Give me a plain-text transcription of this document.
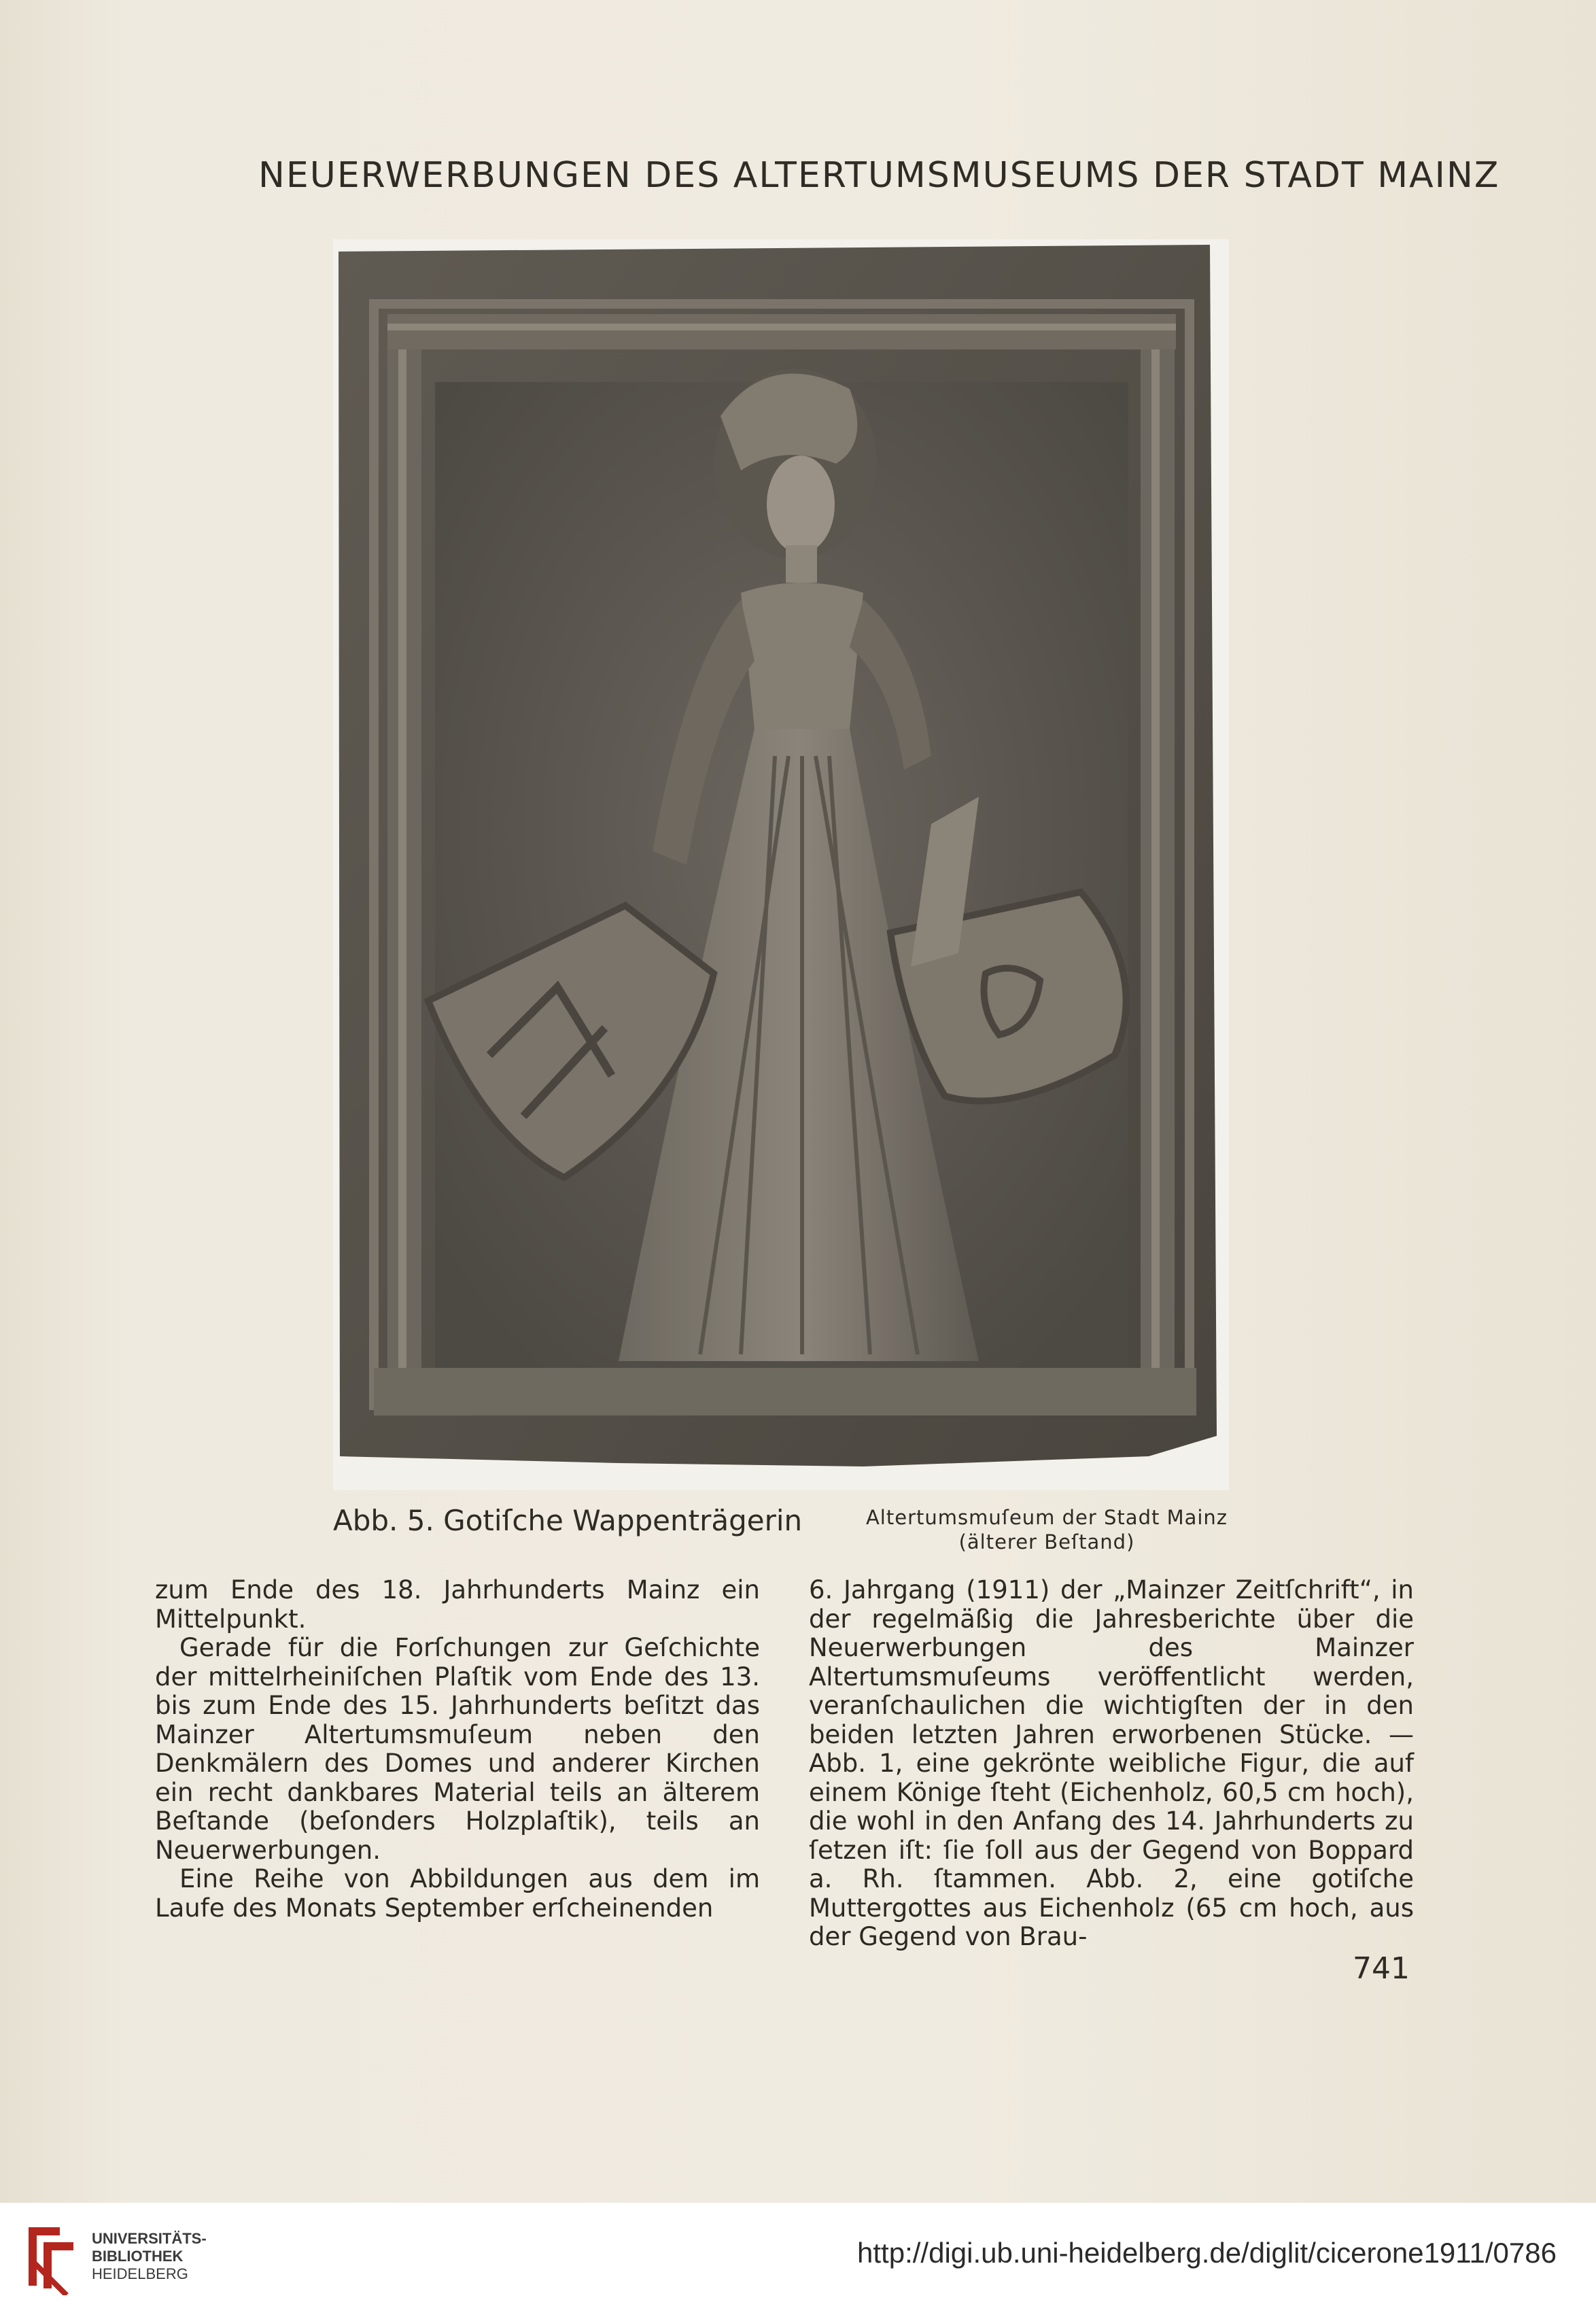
NEUERWERBUNGEN DES ALTERTUMSMUSEUMS DER STADT MAINZ
Abb. 5. Gotiſche Wappenträgerin	Altertumsmuſeum der Stadt Mainz
(älterer Beſtand)

zum Ende des 18. Jahrhunderts Mainz ein Mittelpunkt.

Gerade für die Forſchungen zur Geſchichte der mittelrheiniſchen Plaſtik vom Ende des 13. bis zum Ende des 15. Jahrhunderts beſitzt das Mainzer Altertumsmuſeum neben den Denkmälern des Domes und anderer Kirchen ein recht dankbares Material teils an älterem Beſtande (beſonders Holzplaſtik), teils an Neuerwerbungen.

Eine Reihe von Abbildungen aus dem im Laufe des Monats September erſcheinenden

6. Jahrgang (1911) der „Mainzer Zeitſchrift“, in der regelmäßig die Jahresberichte über die Neuerwerbungen des Mainzer Altertumsmuſeums veröffentlicht werden, veranſchaulichen die wichtigſten der in den beiden letzten Jahren erworbenen Stücke. — Abb. 1, eine gekrönte weibliche Figur, die auf einem Könige ſteht (Eichenholz, 60,5 cm hoch), die wohl in den Anfang des 14. Jahrhunderts zu ſetzen iſt: ſie ſoll aus der Gegend von Boppard a. Rh. ſtammen. Abb. 2, eine gotiſche Muttergottes aus Eichenholz (65 cm hoch, aus der Gegend von Brau-

741
UNIVERSITÄTS-
BIBLIOTHEK
HEIDELBERG
http://digi.ub.uni-heidelberg.de/diglit/cicerone1911/0786
